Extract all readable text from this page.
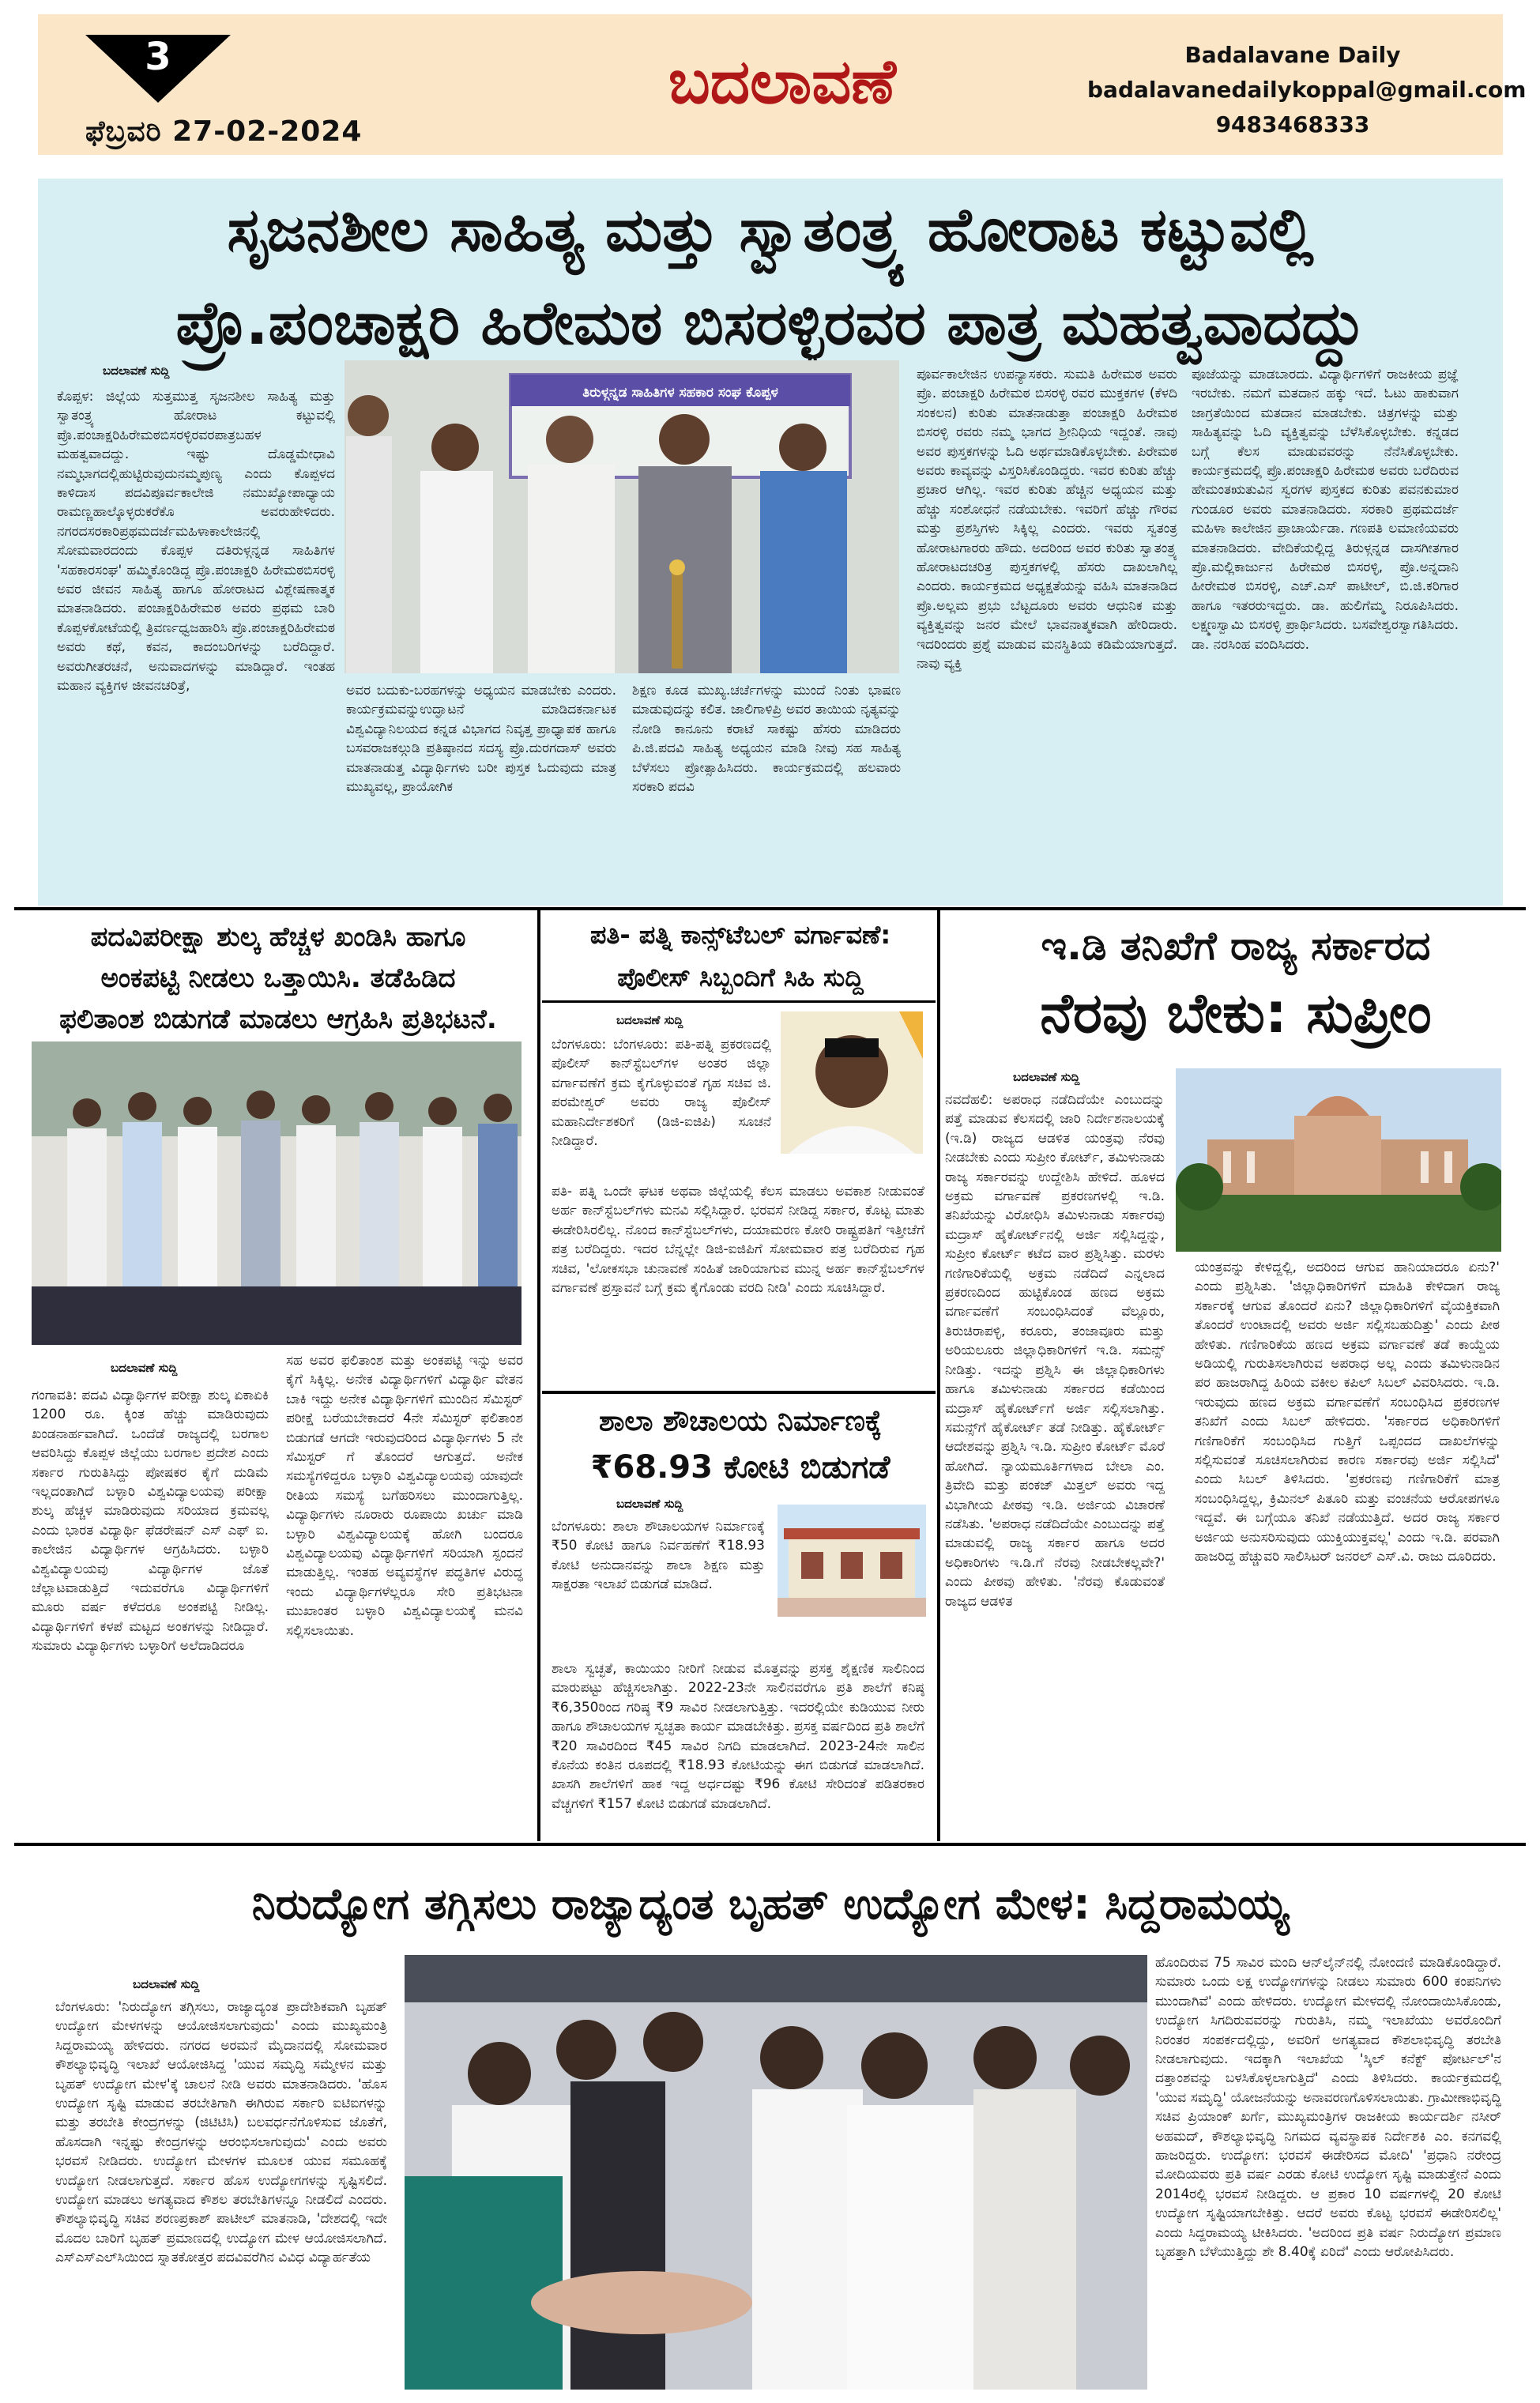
3
ಫೆಬ್ರವರಿ 27-02-2024
ಬದಲಾವಣೆ	Badalavane Daily
badalavanedailykoppal@gmail.com
9483468333
ಸೃಜನಶೀಲ ಸಾಹಿತ್ಯ ಮತ್ತು ಸ್ವಾತಂತ್ರ್ಯ ಹೋರಾಟ ಕಟ್ಟುವಲ್ಲಿ
ಪ್ರೊ.ಪಂಚಾಕ್ಷರಿ ಹಿರೇಮಠ ಬಿಸರಳ್ಳಿರವರ ಪಾತ್ರ ಮಹತ್ವವಾದದ್ದು
ಬದಲಾವಣೆ ಸುದ್ದಿ
ಕೊಪ್ಪಳ: ಜಿಲ್ಲೆಯ ಸುತ್ತಮುತ್ತ ಸೃಜನಶೀಲ ಸಾಹಿತ್ಯ ಮತ್ತು ಸ್ವಾತಂತ್ರ್ಯ ಹೋರಾಟ ಕಟ್ಟುವಲ್ಲಿ ಪ್ರೊ.ಪಂಚಾಕ್ಷರಿಹಿರೇಮಠಬಿಸರಳ್ಳಿರವರಪಾತ್ರಬಹಳ ಮಹತ್ವವಾದದ್ದು. ಇಷ್ಟು ದೊಡ್ಡಮೇಧಾವಿ ನಮ್ಮಭಾಗದಲ್ಲಿಹುಟ್ಟಿರುವುದುನಮ್ಮಪುಣ್ಯ ಎಂದು ಕೊಪ್ಪಳದ ಕಾಳಿದಾಸ ಪದವಿಪೂರ್ವಕಾಲೇಜಿ ನಮುಖ್ಯೋಪಾಧ್ಯಾಯ ರಾಮಣ್ಣಹಾಲ್ಕೊಳ್ಳರುಕರೆಕೊ ಅವರುಹೇಳಿದರು. ನಗರದಸರಕಾರಿಪ್ರಥಮದರ್ಜೆಮಹಿಳಾಕಾಲೇಜಿನಲ್ಲಿ ಸೋಮವಾರದಂದು ಕೊಪ್ಪಳ ದತಿರುಳ್ಗನ್ನಡ ಸಾಹಿತಿಗಳ 'ಸಹಕಾರಸಂಘ' ಹಮ್ಮಿಕೊಂಡಿದ್ದ ಪ್ರೊ.ಪಂಚಾಕ್ಷರಿ ಹಿರೇಮಠಬಿಸರಳ್ಳಿ ಅವರ ಜೀವನ ಸಾಹಿತ್ಯ ಹಾಗೂ ಹೋರಾಟದ ವಿಶ್ಲೇಷಣಾತ್ಮಕ ಮಾತನಾಡಿದರು. ಪಂಚಾಕ್ಷರಿಹಿರೇಮಠ ಅವರು ಪ್ರಥಮ ಬಾರಿ ಕೊಪ್ಪಳಕೋಟೆಯಲ್ಲಿ ತ್ರಿವರ್ಣಧ್ವಜಹಾರಿಸಿ ಪ್ರೊ.ಪಂಚಾಕ್ಷರಿಹಿರೇಮಠ ಅವರು ಕಥೆ, ಕವನ, ಕಾದಂಬರಿಗಳನ್ನು ಬರೆದಿದ್ದಾರೆ. ಅವರುಗೀತರಚನೆ, ಅನುವಾದಗಳನ್ನು ಮಾಡಿದ್ದಾರೆ. ಇಂತಹ ಮಹಾನ ವ್ಯಕ್ತಿಗಳ ಜೀವನಚರಿತ್ರೆ,
ತಿರುಳ್ಗನ್ನಡ ಸಾಹಿತಿಗಳ ಸಹಕಾರ ಸಂಘ ಕೊಪ್ಪಳ
ಅವರ ಬದುಕು-ಬರಹಗಳನ್ನು ಅಧ್ಯಯನ ಮಾಡಬೇಕು ಎಂದರು. ಕಾರ್ಯಕ್ರಮವನ್ನುಉದ್ಘಾಟನೆ ಮಾಡಿದಕರ್ನಾಟಕ ವಿಶ್ವವಿದ್ಯಾನಿಲಯದ ಕನ್ನಡ ವಿಭಾಗದ ನಿವೃತ್ತ ಪ್ರಾಧ್ಯಾಪಕ ಹಾಗೂ ಬಸವರಾಜಕಲ್ಗುಡಿ ಪ್ರತಿಷ್ಠಾನದ ಸದಸ್ಯ ಪ್ರೊ.ದುರಗದಾಸ್ ಅವರು ಮಾತನಾಡುತ್ತ ವಿದ್ಯಾರ್ಥಿಗಳು ಬರೀ ಪುಸ್ತಕ ಓದುವುದು ಮಾತ್ರ ಮುಖ್ಯವಲ್ಲ, ಪ್ರಾಯೋಗಿಕ
ಶಿಕ್ಷಣ ಕೂಡ ಮುಖ್ಯ.ಚರ್ಚೆಗಳನ್ನು ಮುಂದೆ ನಿಂತು ಭಾಷಣ ಮಾಡುವುದನ್ನು ಕಲಿತ. ಜಾಲಿಗಾಳಿಪ್ರಿ ಅವರ ತಾಯಿಯ ನೃತ್ಯವನ್ನು ನೋಡಿ ಕಾನೂನು ಕರಾಟೆ ಸಾಕಷ್ಟು ಹೆಸರು ಮಾಡಿದರು ಪಿ.ಜಿ.ಪದವಿ ಸಾಹಿತ್ಯ ಅಧ್ಯಯನ ಮಾಡಿ ನೀವು ಸಹ ಸಾಹಿತ್ಯ ಬೆಳೆಸಲು ಪ್ರೋತ್ಸಾಹಿಸಿದರು. ಕಾರ್ಯಕ್ರಮದಲ್ಲಿ ಹಲವಾರು ಸರಕಾರಿ ಪದವಿ
ಪೂರ್ವಕಾಲೇಜಿನ ಉಪನ್ಯಾಸಕರು. ಸುಮತಿ ಹಿರೇಮಠ ಅವರು ಪ್ರೊ. ಪಂಚಾಕ್ಷರಿ ಹಿರೇಮಠ ಬಿಸರಳ್ಳಿ ರವರ ಮುಕ್ತಕಗಳ (ಕೆಳದಿ ಸಂಕಲನ) ಕುರಿತು ಮಾತನಾಡುತ್ತಾ ಪಂಚಾಕ್ಷರಿ ಹಿರೇಮಠ ಬಿಸರಳ್ಳಿ ರವರು ನಮ್ಮ ಭಾಗದ ಶ್ರೀನಿಧಿಯ ಇದ್ದಂತೆ. ನಾವು ಅವರ ಪುಸ್ತಕಗಳನ್ನು ಓದಿ ಅರ್ಥಮಾಡಿಕೊಳ್ಳಬೇಕು. ಪಿರೇಮಠ ಅವರು ಕಾವ್ಯವನ್ನು ವಿಸ್ತರಿಸಿಕೊಂಡಿದ್ದರು. ಇವರ ಕುರಿತು ಹೆಚ್ಚು ಪ್ರಚಾರ ಆಗಿಲ್ಲ. ಇವರ ಕುರಿತು ಹೆಚ್ಚಿನ ಅಧ್ಯಯನ ಮತ್ತು ಹೆಚ್ಚು ಸಂಶೋಧನೆ ನಡೆಯಬೇಕು. ಇವರಿಗೆ ಹೆಚ್ಚು ಗೌರವ ಮತ್ತು ಪ್ರಶಸ್ತಿಗಳು ಸಿಕ್ಕಿಲ್ಲ ಎಂದರು. ಇವರು ಸ್ವತಂತ್ರ ಹೋರಾಟಗಾರರು ಹೌದು. ಅದರಿಂದ ಅವರ ಕುರಿತು ಸ್ವಾತಂತ್ರ್ಯ ಹೋರಾಟದಚರಿತ್ರ ಪುಸ್ತಕಗಳಲ್ಲಿ ಹೆಸರು ದಾಖಲಾಗಿಲ್ಲ ಎಂದರು. ಕಾರ್ಯಕ್ರಮದ ಅಧ್ಯಕ್ಷತೆಯನ್ನು ವಹಿಸಿ ಮಾತನಾಡಿದ ಪ್ರೊ.ಅಲ್ಲಮ ಪ್ರಭು ಬೆಟ್ಟದೂರು ಅವರು ಆಧುನಿಕ ಮತ್ತು ವ್ಯಕ್ತಿತ್ವವನ್ನು ಜನರ ಮೇಲೆ ಭಾವನಾತ್ಮಕವಾಗಿ ಹೇರಿದಾರು. ಇದರಿಂದರು ಪ್ರಶ್ನೆ ಮಾಡುವ ಮನಸ್ಥಿತಿಯ ಕಡಿಮೆಯಾಗುತ್ತದೆ. ನಾವು ವ್ಯಕ್ತಿ
ಪೂಜೆಯನ್ನು ಮಾಡಬಾರದು. ವಿದ್ಯಾರ್ಥಿಗಳಿಗೆ ರಾಜಕೀಯ ಪ್ರಜ್ಞೆ ಇರಬೇಕು. ನಮಗೆ ಮತದಾನ ಹಕ್ಕು ಇದೆ. ಓಟು ಹಾಕುವಾಗ ಜಾಗ್ರತೆಯಿಂದ ಮತದಾನ ಮಾಡಬೇಕು. ಚಿತ್ರಗಳನ್ನು ಮತ್ತು ಸಾಹಿತ್ಯವನ್ನು ಓದಿ ವ್ಯಕ್ತಿತ್ವವನ್ನು ಬೆಳೆಸಿಕೊಳ್ಳಬೇಕು. ಕನ್ನಡದ ಬಗ್ಗೆ ಕೆಲಸ ಮಾಡುವವರನ್ನು ನೆನೆಸಿಕೊಳ್ಳಬೇಕು. ಕಾರ್ಯಕ್ರಮದಲ್ಲಿ ಪ್ರೊ.ಪಂಚಾಕ್ಷರಿ ಹಿರೇಮಠ ಅವರು ಬರೆದಿರುವ ಹೇಮಂತಋತುವಿನ ಸ್ವರಗಳ ಪುಸ್ತಕದ ಕುರಿತು ಪವನಕುಮಾರ ಗುಂಡೂರ ಅವರು ಮಾತನಾಡಿದರು. ಸರಕಾರಿ ಪ್ರಥಮದರ್ಜೆ ಮಹಿಳಾ ಕಾಲೇಜಿನ ಪ್ರಾಚಾರ್ಯೆಡಾ. ಗಣಪತಿ ಲಮಾಣಿಯವರು ಮಾತನಾಡಿದರು. ವೇದಿಕೆಯಲ್ಲಿದ್ದ ತಿರುಳ್ಗನ್ನಡ ದಾಸಗೀತಗಾರ ಪ್ರೊ.ಮಲ್ಲಿಕಾರ್ಜುನ ಹಿರೇಮಠ ಬಿಸರಳ್ಳಿ, ಪ್ರೊ.ಅನ್ನದಾನಿ ಹೀರೇಮಠ ಬಿಸರಳ್ಳಿ, ಎಚ್.ಎಸ್ ಪಾಟೀಲ್, ಬಿ.ಜಿ.ಕರಿಗಾರ ಹಾಗೂ ಇತರರುಇದ್ದರು. ಡಾ. ಹುಲಿಗೆಮ್ಮ ನಿರೂಪಿಸಿದರು. ಲಕ್ಷ್ಮಣಸ್ವಾಮಿ ಬಿಸರಳ್ಳಿ ಪ್ರಾರ್ಥಿಸಿದರು. ಬಸವೇಶ್ವರಸ್ವಾಗತಿಸಿದರು. ಡಾ. ನರಸಿಂಹ ವಂದಿಸಿದರು.
ಪದವಿಪರೀಕ್ಷಾ ಶುಲ್ಕ ಹೆಚ್ಚಳ ಖಂಡಿಸಿ ಹಾಗೂ
ಅಂಕಪಟ್ಟಿ ನೀಡಲು ಒತ್ತಾಯಿಸಿ. ತಡೆಹಿಡಿದ
ಫಲಿತಾಂಶ ಬಿಡುಗಡೆ ಮಾಡಲು ಆಗ್ರಹಿಸಿ ಪ್ರತಿಭಟನೆ.
ಬದಲಾವಣೆ ಸುದ್ದಿ
ಗಂಗಾವತಿ: ಪದವಿ ವಿದ್ಯಾರ್ಥಿಗಳ ಪರೀಕ್ಷಾ ಶುಲ್ಕ ಏಕಾಏಕಿ 1200 ರೂ. ಕ್ಕಿಂತ ಹೆಚ್ಚು ಮಾಡಿರುವುದು ಖಂಡನಾರ್ಹವಾಗಿದೆ. ಒಂದೆಡೆ ರಾಜ್ಯದಲ್ಲಿ ಬರಗಾಲ ಆವರಿಸಿದ್ದು ಕೊಪ್ಪಳ ಜಿಲ್ಲೆಯು ಬರಗಾಲ ಪ್ರದೇಶ ಎಂದು ಸರ್ಕಾರ ಗುರುತಿಸಿದ್ದು ಪೋಷಕರ ಕೈಗೆ ದುಡಿಮೆ ಇಲ್ಲದಂತಾಗಿದೆ ಬಳ್ಳಾರಿ ವಿಶ್ವವಿದ್ಯಾಲಯವು ಪರೀಕ್ಷಾ ಶುಲ್ಕ ಹೆಚ್ಚಳ ಮಾಡಿರುವುದು ಸರಿಯಾದ ಕ್ರಮವಲ್ಲ ಎಂದು ಭಾರತ ವಿದ್ಯಾರ್ಥಿ ಫೆಡರೇಷನ್ ಎಸ್ ಎಫ್ ಐ. ಕಾಲೇಜಿನ ವಿದ್ಯಾರ್ಥಿಗಳ ಆಗ್ರಹಿಸಿದರು. ಬಳ್ಳಾರಿ ವಿಶ್ವವಿದ್ಯಾಲಯವು ವಿದ್ಯಾರ್ಥಿಗಳ ಜೊತೆ ಚೆಲ್ಲಾಟವಾಡುತ್ತಿದೆ ಇದುವರೆಗೂ ವಿದ್ಯಾರ್ಥಿಗಳಿಗೆ ಮೂರು ವರ್ಷ ಕಳೆದರೂ ಅಂಕಪಟ್ಟಿ ನೀಡಿಲ್ಲ. ವಿದ್ಯಾರ್ಥಿಗಳಿಗೆ ಕಳಪೆ ಮಟ್ಟದ ಅಂಕಗಳನ್ನು ನೀಡಿದ್ದಾರೆ. ಸುಮಾರು ವಿದ್ಯಾರ್ಥಿಗಳು ಬಳ್ಳಾರಿಗೆ ಅಲೆದಾಡಿದರೂ
ಸಹ ಅವರ ಫಲಿತಾಂಶ ಮತ್ತು ಅಂಕಪಟ್ಟಿ ಇನ್ನು ಅವರ ಕೈಗೆ ಸಿಕ್ಕಿಲ್ಲ. ಅನೇಕ ವಿದ್ಯಾರ್ಥಿಗಳಿಗೆ ವಿದ್ಯಾರ್ಥಿ ವೇತನ ಬಾಕಿ ಇದ್ದು ಅನೇಕ ವಿದ್ಯಾರ್ಥಿಗಳಿಗೆ ಮುಂದಿನ ಸೆಮಿಸ್ಟರ್ ಪರೀಕ್ಷೆ ಬರೆಯಬೇಕಾದರೆ 4ನೇ ಸೆಮಿಸ್ಟರ್ ಫಲಿತಾಂಶ ಬಿಡುಗಡೆ ಆಗದೇ ಇರುವುದರಿಂದ ವಿದ್ಯಾರ್ಥಿಗಳು 5 ನೇ ಸೆಮಿಸ್ಟರ್ ಗೆ ತೊಂದರೆ ಆಗುತ್ತದೆ. ಅನೇಕ ಸಮಸ್ಯೆಗಳಿದ್ದರೂ ಬಳ್ಳಾರಿ ವಿಶ್ವವಿದ್ಯಾಲಯವು ಯಾವುದೇ ರೀತಿಯ ಸಮಸ್ಯೆ ಬಗೆಹರಿಸಲು ಮುಂದಾಗುತ್ತಿಲ್ಲ. ವಿದ್ಯಾರ್ಥಿಗಳು ನೂರಾರು ರೂಪಾಯಿ ಖರ್ಚು ಮಾಡಿ ಬಳ್ಳಾರಿ ವಿಶ್ವವಿದ್ಯಾಲಯಕ್ಕೆ ಹೋಗಿ ಬಂದರೂ ವಿಶ್ವವಿದ್ಯಾಲಯವು ವಿದ್ಯಾರ್ಥಿಗಳಿಗೆ ಸರಿಯಾಗಿ ಸ್ಪಂದನೆ ಮಾಡುತ್ತಿಲ್ಲ. ಇಂತಹ ಅವ್ಯವಸ್ಥೆಗಳ ಪದ್ಧತಿಗಳ ವಿರುದ್ಧ ಇಂದು ವಿದ್ಯಾರ್ಥಿಗಳೆಲ್ಲರೂ ಸೇರಿ ಪ್ರತಿಭಟನಾ ಮುಖಾಂತರ ಬಳ್ಳಾರಿ ವಿಶ್ವವಿದ್ಯಾಲಯಕ್ಕೆ ಮನವಿ ಸಲ್ಲಿಸಲಾಯಿತು.
ಪತಿ- ಪತ್ನಿ ಕಾನ್ಸ್‌ಟೆಬಲ್ ವರ್ಗಾವಣೆ:
ಪೊಲೀಸ್ ಸಿಬ್ಬಂದಿಗೆ ಸಿಹಿ ಸುದ್ದಿ
ಬದಲಾವಣೆ ಸುದ್ದಿ
ಬೆಂಗಳೂರು: ಬೆಂಗಳೂರು: ಪತಿ-ಪತ್ನಿ ಪ್ರಕರಣದಲ್ಲಿ ಪೊಲೀಸ್ ಕಾನ್‌ಸ್ಟೆಬಲ್‌ಗಳ ಅಂತರ ಜಿಲ್ಲಾ ವರ್ಗಾವಣೆಗೆ ಕ್ರಮ ಕೈಗೊಳ್ಳುವಂತೆ ಗೃಹ ಸಚಿವ ಜಿ. ಪರಮೇಶ್ವರ್ ಅವರು ರಾಜ್ಯ ಪೊಲೀಸ್ ಮಹಾನಿರ್ದೇಶಕರಿಗೆ (ಡಿಜಿ-ಐಜಿಪಿ) ಸೂಚನೆ ನೀಡಿದ್ದಾರೆ.
ಪತಿ- ಪತ್ನಿ ಒಂದೇ ಘಟಕ ಅಥವಾ ಜಿಲ್ಲೆಯಲ್ಲಿ ಕೆಲಸ ಮಾಡಲು ಅವಕಾಶ ನೀಡುವಂತೆ ಅರ್ಹ ಕಾನ್‌ಸ್ಟೆಬಲ್‌ಗಳು ಮನವಿ ಸಲ್ಲಿಸಿದ್ದಾರೆ. ಭರವಸೆ ನೀಡಿದ್ದ ಸರ್ಕಾರ, ಕೊಟ್ಟ ಮಾತು ಈಡೇರಿಸಿರಲಿಲ್ಲ. ನೊಂದ ಕಾನ್‌ಸ್ಟೆಬಲ್‌ಗಳು, ದಯಾಮರಣ ಕೋರಿ ರಾಷ್ಟ್ರಪತಿಗೆ ಇತ್ತೀಚೆಗೆ ಪತ್ರ ಬರೆದಿದ್ದರು. ಇದರ ಬೆನ್ನಲ್ಲೇ ಡಿಜಿ-ಐಜಿಪಿಗೆ ಸೋಮವಾರ ಪತ್ರ ಬರೆದಿರುವ ಗೃಹ ಸಚಿವ, 'ಲೋಕಸಭಾ ಚುನಾವಣೆ ಸಂಹಿತೆ ಜಾರಿಯಾಗುವ ಮುನ್ನ ಅರ್ಹ ಕಾನ್‌ಸ್ಟೆಬಲ್‌ಗಳ ವರ್ಗಾವಣೆ ಪ್ರಸ್ತಾವನೆ ಬಗ್ಗೆ ಕ್ರಮ ಕೈಗೊಂಡು ವರದಿ ನೀಡಿ' ಎಂದು ಸೂಚಿಸಿದ್ದಾರೆ.
ಶಾಲಾ ಶೌಚಾಲಯ ನಿರ್ಮಾಣಕ್ಕೆ
₹68.93 ಕೋಟಿ ಬಿಡುಗಡೆ
ಬದಲಾವಣೆ ಸುದ್ದಿ
ಬೆಂಗಳೂರು: ಶಾಲಾ ಶೌಚಾಲಯಗಳ ನಿರ್ಮಾಣಕ್ಕೆ ₹50 ಕೋಟಿ ಹಾಗೂ ನಿರ್ವಹಣೆಗೆ ₹18.93 ಕೋಟಿ ಅನುದಾನವನ್ನು ಶಾಲಾ ಶಿಕ್ಷಣ ಮತ್ತು ಸಾಕ್ಷರತಾ ಇಲಾಖೆ ಬಿಡುಗಡೆ ಮಾಡಿದೆ.
ಶಾಲಾ ಸ್ವಚ್ಛತೆ, ಕಾಯಿಯಂ ನೀರಿಗೆ ನೀಡುವ ಮೊತ್ತವನ್ನು ಪ್ರಸಕ್ತ ಶೈಕ್ಷಣಿಕ ಸಾಲಿನಿಂದ ಮಾರುಪಟ್ಟು ಹೆಚ್ಚಿಸಲಾಗಿತ್ತು. 2022-23ನೇ ಸಾಲಿನವರೆಗೂ ಪ್ರತಿ ಶಾಲೆಗೆ ಕನಿಷ್ಠ ₹6,350ರಿಂದ ಗರಿಷ್ಠ ₹9 ಸಾವಿರ ನೀಡಲಾಗುತ್ತಿತ್ತು. ಇದರಲ್ಲಿಯೇ ಕುಡಿಯುವ ನೀರು ಹಾಗೂ ಶೌಚಾಲಯಗಳ ಸ್ವಚ್ಛತಾ ಕಾರ್ಯ ಮಾಡಬೇಕಿತ್ತು. ಪ್ರಸಕ್ತ ವರ್ಷದಿಂದ ಪ್ರತಿ ಶಾಲೆಗೆ ₹20 ಸಾವಿರದಿಂದ ₹45 ಸಾವಿರ ನಿಗದಿ ಮಾಡಲಾಗಿದೆ. 2023-24ನೇ ಸಾಲಿನ ಕೊನೆಯ ಕಂತಿನ ರೂಪದಲ್ಲಿ ₹18.93 ಕೋಟಿಯನ್ನು ಈಗ ಬಿಡುಗಡೆ ಮಾಡಲಾಗಿದೆ. ಖಾಸಗಿ ಶಾಲೆಗಳಿಗೆ ಹಾಕ ಇದ್ದ ಅರ್ಧದಷ್ಟು ₹96 ಕೋಟಿ ಸೇರಿದಂತೆ ಪಡಿತರಕಾರ ವೆಚ್ಚಗಳಿಗೆ ₹157 ಕೋಟಿ ಬಿಡುಗಡೆ ಮಾಡಲಾಗಿದೆ.
ಇ.ಡಿ ತನಿಖೆಗೆ ರಾಜ್ಯ ಸರ್ಕಾರದ
ನೆರವು ಬೇಕು: ಸುಪ್ರೀಂ
ಬದಲಾವಣೆ ಸುದ್ದಿ
ನವದೆಹಲಿ: ಅಪರಾಧ ನಡೆದಿದೆಯೇ ಎಂಬುದನ್ನು ಪತ್ತೆ ಮಾಡುವ ಕೆಲಸದಲ್ಲಿ ಜಾರಿ ನಿರ್ದೇಶನಾಲಯಕ್ಕೆ (ಇ.ಡಿ) ರಾಜ್ಯದ ಆಡಳಿತ ಯಂತ್ರವು ನೆರವು ನೀಡಬೇಕು ಎಂದು ಸುಪ್ರೀಂ ಕೋರ್ಟ್, ತಮಿಳುನಾಡು ರಾಜ್ಯ ಸರ್ಕಾರವನ್ನು ಉದ್ದೇಶಿಸಿ ಹೇಳಿದೆ. ಹೂಳದ ಅಕ್ರಮ ವರ್ಗಾವಣೆ ಪ್ರಕರಣಗಳಲ್ಲಿ ಇ.ಡಿ. ತನಿಖೆಯನ್ನು ವಿರೋಧಿಸಿ ತಮಿಳುನಾಡು ಸರ್ಕಾರವು ಮದ್ರಾಸ್ ಹೈಕೋರ್ಟ್‌ನಲ್ಲಿ ಅರ್ಜಿ ಸಲ್ಲಿಸಿದ್ದನ್ನು, ಸುಪ್ರೀಂ ಕೋರ್ಟ್ ಕಟೆದ ವಾರ ಪ್ರಶ್ನಿಸಿತ್ತು. ಮರಳು ಗಣಿಗಾರಿಕೆಯಲ್ಲಿ ಅಕ್ರಮ ನಡೆದಿದೆ ಎನ್ನಲಾದ ಪ್ರಕರಣದಿಂದ ಹುಟ್ಟಿಕೊಂಡ ಹಣದ ಅಕ್ರಮ ವರ್ಗಾವಣೆಗೆ ಸಂಬಂಧಿಸಿದಂತೆ ವೆಲ್ಲೂರು, ತಿರುಚಿರಾಪಳ್ಳಿ, ಕರೂರು, ತಂಜಾವೂರು ಮತ್ತು ಅರಿಯಲೂರು ಜಿಲ್ಲಾಧಿಕಾರಿಗಳಿಗೆ ಇ.ಡಿ. ಸಮನ್ಸ್ ನೀಡಿತ್ತು. ಇದನ್ನು ಪ್ರಶ್ನಿಸಿ ಈ ಜಿಲ್ಲಾಧಿಕಾರಿಗಳು ಹಾಗೂ ತಮಿಳುನಾಡು ಸರ್ಕಾರದ ಕಡೆಯಿಂದ ಮದ್ರಾಸ್ ಹೈಕೋರ್ಟ್‌ಗೆ ಅರ್ಜಿ ಸಲ್ಲಿಸಲಾಗಿತ್ತು. ಸಮನ್ಸ್‌ಗೆ ಹೈಕೋರ್ಟ್ ತಡೆ ನೀಡಿತ್ತು. ಹೈಕೋರ್ಟ್ ಆದೇಶವನ್ನು ಪ್ರಶ್ನಿಸಿ ಇ.ಡಿ. ಸುಪ್ರೀಂ ಕೋರ್ಟ್ ಮೊರೆ ಹೋಗಿದೆ. ನ್ಯಾಯಮೂರ್ತಿಗಳಾದ ಬೇಲಾ ಎಂ. ತ್ರಿವೇದಿ ಮತ್ತು ಪಂಕಜ್ ಮಿತ್ತಲ್ ಅವರು ಇದ್ದ ವಿಭಾಗೀಯ ಪೀಠವು ಇ.ಡಿ. ಅರ್ಜಿಯ ವಿಚಾರಣೆ ನಡೆಸಿತು. 'ಅಪರಾಧ ನಡೆದಿದೆಯೇ ಎಂಬುದನ್ನು ಪತ್ತೆ ಮಾಡುವಲ್ಲಿ ರಾಜ್ಯ ಸರ್ಕಾರ ಹಾಗೂ ಅದರ ಅಧಿಕಾರಿಗಳು ಇ.ಡಿ.ಗೆ ನೆರವು ನೀಡಬೇಕಲ್ಲವೇ?' ಎಂದು ಪೀಠವು ಹೇಳಿತು. 'ನೆರವು ಕೊಡುವಂತೆ ರಾಜ್ಯದ ಆಡಳಿತ
ಯಂತ್ರವನ್ನು ಕೇಳಿದ್ದಲ್ಲಿ, ಅದರಿಂದ ಆಗುವ ಹಾನಿಯಾದರೂ ಏನು?' ಎಂದು ಪ್ರಶ್ನಿಸಿತು. 'ಜಿಲ್ಲಾಧಿಕಾರಿಗಳಿಗೆ ಮಾಹಿತಿ ಕೇಳಿದಾಗ ರಾಜ್ಯ ಸರ್ಕಾರಕ್ಕೆ ಆಗುವ ತೊಂದರೆ ಏನು? ಜಿಲ್ಲಾಧಿಕಾರಿಗಳಿಗೆ ವೈಯಕ್ತಿಕವಾಗಿ ತೊಂದರೆ ಉಂಟಾದಲ್ಲಿ ಅವರು ಅರ್ಜಿ ಸಲ್ಲಿಸಬಹುದಿತ್ತು' ಎಂದು ಪೀಠ ಹೇಳಿತು. ಗಣಿಗಾರಿಕೆಯ ಹಣದ ಅಕ್ರಮ ವರ್ಗಾವಣೆ ತಡೆ ಕಾಯ್ದೆಯ ಅಡಿಯಲ್ಲಿ ಗುರುತಿಸಲಾಗಿರುವ ಅಪರಾಧ ಅಲ್ಲ ಎಂದು ತಮಿಳುನಾಡಿನ ಪರ ಹಾಜರಾಗಿದ್ದ ಹಿರಿಯ ವಕೀಲ ಕಪಿಲ್ ಸಿಬಲ್ ವಿವರಿಸಿದರು. ಇ.ಡಿ. ಇರುವುದು ಹಣದ ಅಕ್ರಮ ವರ್ಗಾವಣೆಗೆ ಸಂಬಂಧಿಸಿದ ಪ್ರಕರಣಗಳ ತನಿಖೆಗೆ ಎಂದು ಸಿಬಲ್ ಹೇಳಿದರು. 'ಸರ್ಕಾರದ ಅಧಿಕಾರಿಗಳಿಗೆ ಗಣಿಗಾರಿಕೆಗೆ ಸಂಬಂಧಿಸಿದ ಗುತ್ತಿಗೆ ಒಪ್ಪಂದದ ದಾಖಲೆಗಳನ್ನು ಸಲ್ಲಿಸುವಂತೆ ಸೂಚಿಸಲಾಗಿರುವ ಕಾರಣ ಸರ್ಕಾರವು ಅರ್ಜಿ ಸಲ್ಲಿಸಿದೆ' ಎಂದು ಸಿಬಲ್ ತಿಳಿಸಿದರು. 'ಪ್ರಕರಣವು ಗಣಿಗಾರಿಕೆಗೆ ಮಾತ್ರ ಸಂಬಂಧಿಸಿದ್ದಲ್ಲ, ಕ್ರಿಮಿನಲ್ ಪಿತೂರಿ ಮತ್ತು ವಂಚನೆಯ ಆರೋಪಗಳೂ ಇದ್ದವೆ. ಈ ಬಗ್ಗೆಯೂ ತನಿಖೆ ನಡೆಯುತ್ತಿದೆ. ಅದರ ರಾಜ್ಯ ಸರ್ಕಾರ ಅರ್ಜಿಯ ಅನುಸರಿಸುವುದು ಯುಕ್ತಿಯುಕ್ತವಲ್ಲ' ಎಂದು ಇ.ಡಿ. ಪರವಾಗಿ ಹಾಜರಿದ್ದ ಹೆಚ್ಚುವರಿ ಸಾಲಿಸಿಟರ್ ಜನರಲ್ ಎಸ್.ವಿ. ರಾಜು ದೂರಿದರು.
ನಿರುದ್ಯೋಗ ತಗ್ಗಿಸಲು ರಾಜ್ಯಾದ್ಯಂತ ಬೃಹತ್ ಉದ್ಯೋಗ ಮೇಳ: ಸಿದ್ದರಾಮಯ್ಯ
ಬದಲಾವಣೆ ಸುದ್ದಿ
ಬೆಂಗಳೂರು: 'ನಿರುದ್ಯೋಗ ತಗ್ಗಿಸಲು, ರಾಜ್ಯಾದ್ಯಂತ ಪ್ರಾದೇಶಿಕವಾಗಿ ಬೃಹತ್ ಉದ್ಯೋಗ ಮೇಳಗಳನ್ನು ಆಯೋಜಿಸಲಾಗುವುದು' ಎಂದು ಮುಖ್ಯಮಂತ್ರಿ ಸಿದ್ದರಾಮಯ್ಯ ಹೇಳಿದರು. ನಗರದ ಅರಮನೆ ಮೈದಾನದಲ್ಲಿ ಸೋಮವಾರ ಕೌಶಲ್ಯಾಭಿವೃದ್ಧಿ ಇಲಾಖೆ ಆಯೋಜಿಸಿದ್ದ 'ಯುವ ಸಮೃದ್ಧಿ ಸಮ್ಮೇಳನ ಮತ್ತು ಬೃಹತ್ ಉದ್ಯೋಗ ಮೇಳ'ಕ್ಕೆ ಚಾಲನೆ ನೀಡಿ ಅವರು ಮಾತನಾಡಿದರು. 'ಹೊಸ ಉದ್ಯೋಗ ಸೃಷ್ಟಿ ಮಾಡುವ ತರಬೇತಿಗಾಗಿ ಈಗಿರುವ ಸರ್ಕಾರಿ ಐಟಿಐಗಳನ್ನು ಮತ್ತು ತರಬೇತಿ ಕೇಂದ್ರಗಳನ್ನು (ಜಿಟಿಟಿಸಿ) ಬಲವರ್ಧನೆಗೊಳಿಸುವ ಜೊತೆಗೆ, ಹೊಸದಾಗಿ ಇನ್ನಷ್ಟು ಕೇಂದ್ರಗಳನ್ನು ಆರಂಭಿಸಲಾಗುವುದು' ಎಂದು ಅವರು ಭರವಸೆ ನೀಡಿದರು. ಉದ್ಯೋಗ ಮೇಳಗಳ ಮೂಲಕ ಯುವ ಸಮೂಹಕ್ಕೆ ಉದ್ಯೋಗ ನೀಡಲಾಗುತ್ತದೆ. ಸರ್ಕಾರ ಹೊಸ ಉದ್ಯೋಗಗಳನ್ನು ಸೃಷ್ಟಿಸಲಿದೆ. ಉದ್ಯೋಗ ಮಾಡಲು ಅಗತ್ಯವಾದ ಕೌಶಲ ತರಬೇತಿಗಳನ್ನೂ ನೀಡಲಿದೆ ಎಂದರು. ಕೌಶಲ್ಯಾಭಿವೃದ್ಧಿ ಸಚಿವ ಶರಣಪ್ರಕಾಶ್ ಪಾಟೀಲ್ ಮಾತನಾಡಿ, 'ದೇಶದಲ್ಲಿ ಇದೇ ಮೊದಲ ಬಾರಿಗೆ ಬೃಹತ್ ಪ್ರಮಾಣದಲ್ಲಿ ಉದ್ಯೋಗ ಮೇಳ ಆಯೋಜಿಸಲಾಗಿದೆ. ಎಸ್ಎಸ್ಎಲ್‌ಸಿಯಿಂದ ಸ್ನಾತಕೋತ್ತರ ಪದವಿವರೆಗಿನ ವಿವಿಧ ವಿದ್ಯಾರ್ಹತೆಯ
ಹೊಂದಿರುವ 75 ಸಾವಿರ ಮಂದಿ ಆನ್‌ಲೈನ್‌ನಲ್ಲಿ ನೋಂದಣಿ ಮಾಡಿಕೊಂಡಿದ್ದಾರೆ. ಸುಮಾರು ಒಂದು ಲಕ್ಷ ಉದ್ಯೋಗಗಳನ್ನು ನೀಡಲು ಸುಮಾರು 600 ಕಂಪನಿಗಳು ಮುಂದಾಗಿವೆ' ಎಂದು ಹೇಳಿದರು. ಉದ್ಯೋಗ ಮೇಳದಲ್ಲಿ ನೋಂದಾಯಿಸಿಕೊಂಡು, ಉದ್ಯೋಗ ಸಿಗದಿರುವವರನ್ನು ಗುರುತಿಸಿ, ನಮ್ಮ ಇಲಾಖೆಯು ಅವರೊಂದಿಗೆ ನಿರಂತರ ಸಂಪರ್ಕದಲ್ಲಿದ್ದು, ಅವರಿಗೆ ಅಗತ್ಯವಾದ ಕೌಶಲಾಭಿವೃದ್ಧಿ ತರಬೇತಿ ನೀಡಲಾಗುವುದು. ಇದಕ್ಕಾಗಿ ಇಲಾಖೆಯ 'ಸ್ಕಿಲ್ ಕನೆಕ್ಟ್ ಪೋರ್ಟಲ್'ನ ದತ್ತಾಂಶವನ್ನು ಬಳಸಿಕೊಳ್ಳಲಾಗುತ್ತಿದೆ' ಎಂದು ತಿಳಿಸಿದರು. ಕಾರ್ಯಕ್ರಮದಲ್ಲಿ 'ಯುವ ಸಮೃದ್ಧಿ' ಯೋಜನೆಯನ್ನು ಅನಾವರಣಗೊಳಿಸಲಾಯಿತು. ಗ್ರಾಮೀಣಾಭಿವೃದ್ಧಿ ಸಚಿವ ಪ್ರಿಯಾಂಕ್ ಖರ್ಗೆ, ಮುಖ್ಯಮಂತ್ರಿಗಳ ರಾಜಕೀಯ ಕಾರ್ಯದರ್ಶಿ ನಸೀರ್ ಅಹಮದ್, ಕೌಶಲ್ಯಾಭಿವೃದ್ಧಿ ನಿಗಮದ ವ್ಯವಸ್ಥಾಪಕ ನಿರ್ದೇಶಕಿ ಎಂ. ಕನಗವಲ್ಲಿ ಹಾಜರಿದ್ದರು. ಉದ್ಯೋಗ: ಭರವಸೆ ಈಡೇರಿಸದ ಮೋದಿ' 'ಪ್ರಧಾನಿ ನರೇಂದ್ರ ಮೋದಿಯವರು ಪ್ರತಿ ವರ್ಷ ಎರಡು ಕೋಟಿ ಉದ್ಯೋಗ ಸೃಷ್ಟಿ ಮಾಡುತ್ತೇನೆ ಎಂದು 2014ರಲ್ಲಿ ಭರವಸೆ ನೀಡಿದ್ದರು. ಆ ಪ್ರಕಾರ 10 ವರ್ಷಗಳಲ್ಲಿ 20 ಕೋಟಿ ಉದ್ಯೋಗ ಸೃಷ್ಟಿಯಾಗಬೇಕಿತ್ತು. ಆದರೆ ಅವರು ಕೊಟ್ಟ ಭರವಸೆ ಈಡೇರಿಸಲಿಲ್ಲ' ಎಂದು ಸಿದ್ದರಾಮಯ್ಯ ಟೀಕಿಸಿದರು. 'ಅದರಿಂದ ಪ್ರತಿ ವರ್ಷ ನಿರುದ್ಯೋಗ ಪ್ರಮಾಣ ಬೃಹತ್ತಾಗಿ ಬೆಳೆಯುತ್ತಿದ್ದು ಶೇ 8.40ಕ್ಕೆ ಏರಿದೆ' ಎಂದು ಆರೋಪಿಸಿದರು.
